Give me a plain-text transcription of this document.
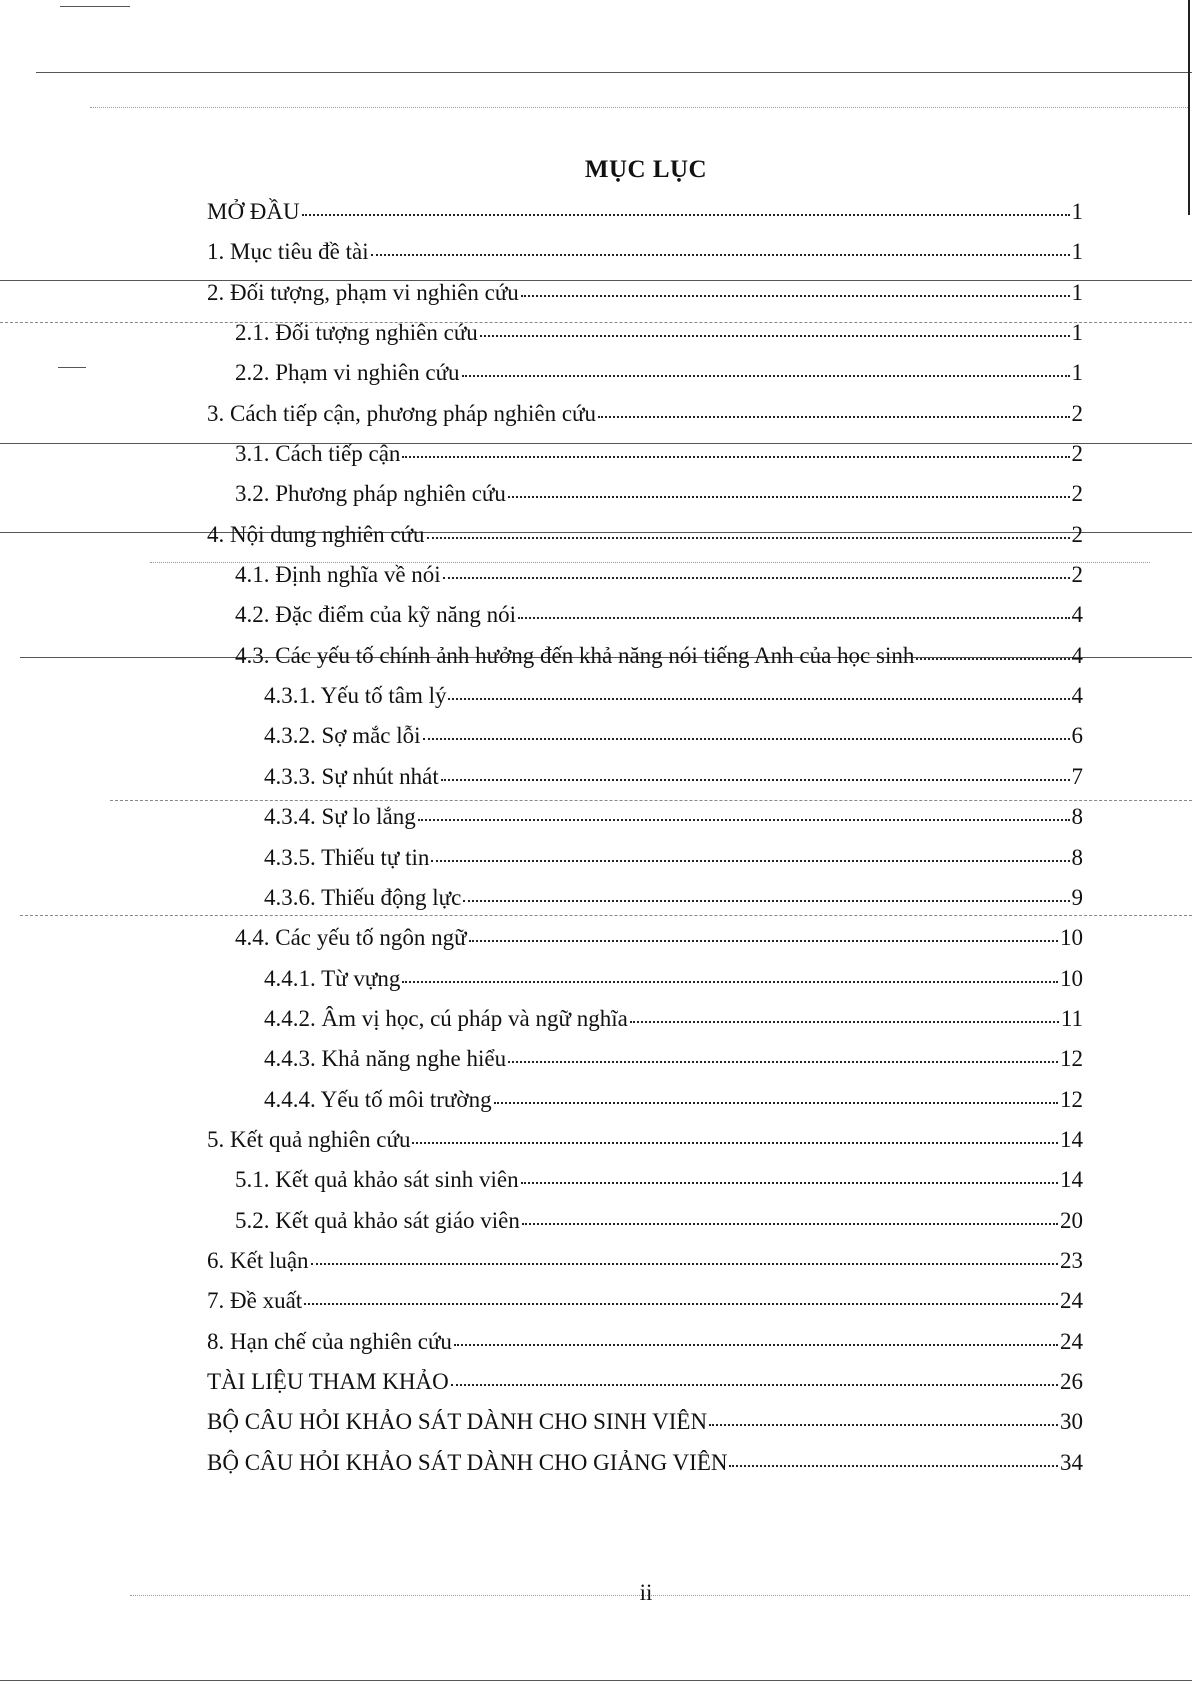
MỤC LỤC
MỞ ĐẦU	1
1. Mục tiêu đề tài	1
2. Đối tượng, phạm vi nghiên cứu	1
2.1. Đối tượng nghiên cứu	1
2.2. Phạm vi nghiên cứu	1
3. Cách tiếp cận, phương pháp nghiên cứu	2
3.1. Cách tiếp cận	2
3.2. Phương pháp nghiên cứu	2
4. Nội dung nghiên cứu	2
4.1. Định nghĩa về nói	2
4.2. Đặc điểm của kỹ năng nói	4
4.3. Các yếu tố chính ảnh hưởng đến khả năng nói tiếng Anh của học sinh	4
4.3.1. Yếu tố tâm lý	4
4.3.2. Sợ mắc lỗi	6
4.3.3. Sự nhút nhát	7
4.3.4. Sự lo lắng	8
4.3.5. Thiếu tự tin	8
4.3.6. Thiếu động lực	9
4.4. Các yếu tố ngôn ngữ	10
4.4.1. Từ vựng	10
4.4.2. Âm vị học, cú pháp và ngữ nghĩa	11
4.4.3. Khả năng nghe hiểu	12
4.4.4. Yếu tố môi trường	12
5. Kết quả nghiên cứu	14
5.1. Kết quả khảo sát sinh viên	14
5.2. Kết quả khảo sát giáo viên	20
6. Kết luận	23
7. Đề xuất	24
8. Hạn chế của nghiên cứu	24
TÀI LIỆU THAM KHẢO	26
BỘ CÂU HỎI KHẢO SÁT DÀNH CHO SINH VIÊN	30
BỘ CÂU HỎI KHẢO SÁT DÀNH CHO GIẢNG VIÊN	34
ii
